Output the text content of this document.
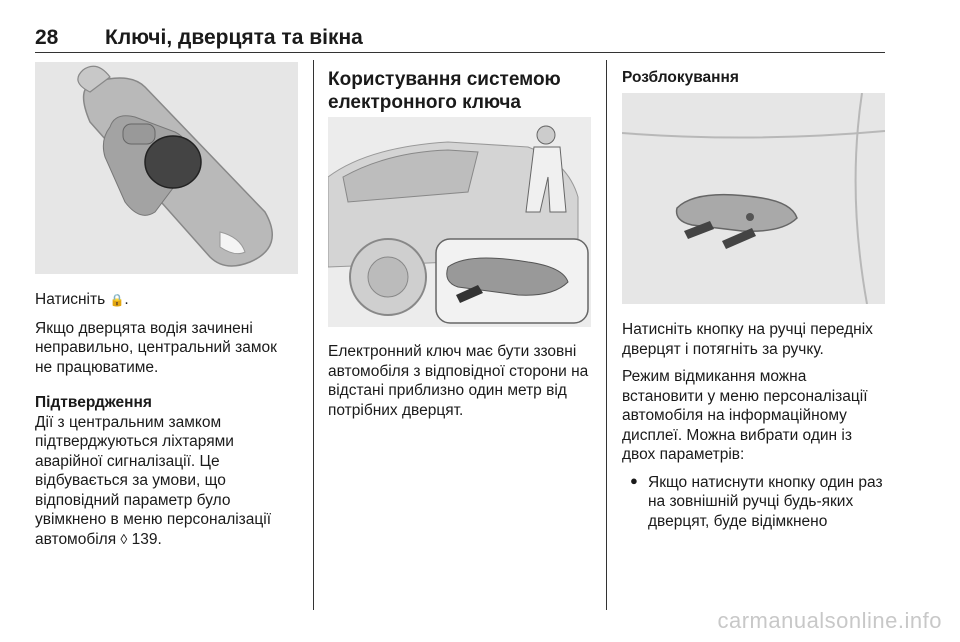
28 Ключі, дверцята та вікна

Натисніть 🔒.

Якщо дверцята водія зачинені неправильно, центральний замок не працюватиме.

Підтвердження

Дії з центральним замком підтверджуються ліхтарями аварійної сигналізації. Це відбувається за умови, що відповідний параметр було увімкнено в меню персоналізації автомобіля ◊ 139.

Користування системою електронного ключа

Електронний ключ має бути ззовні автомобіля з відповідної сторони на відстані приблизно один метр від потрібних дверцят.

Розблокування

Натисніть кнопку на ручці передніх дверцят і потягніть за ручку.

Режим відмикання можна встановити у меню персоналізації автомобіля на інформаційному дисплеї. Можна вибрати один із двох параметрів:

● Якщо натиснути кнопку один раз на зовнішній ручці будь-яких дверцят, буде відімкнено

carmanualsonline.info
